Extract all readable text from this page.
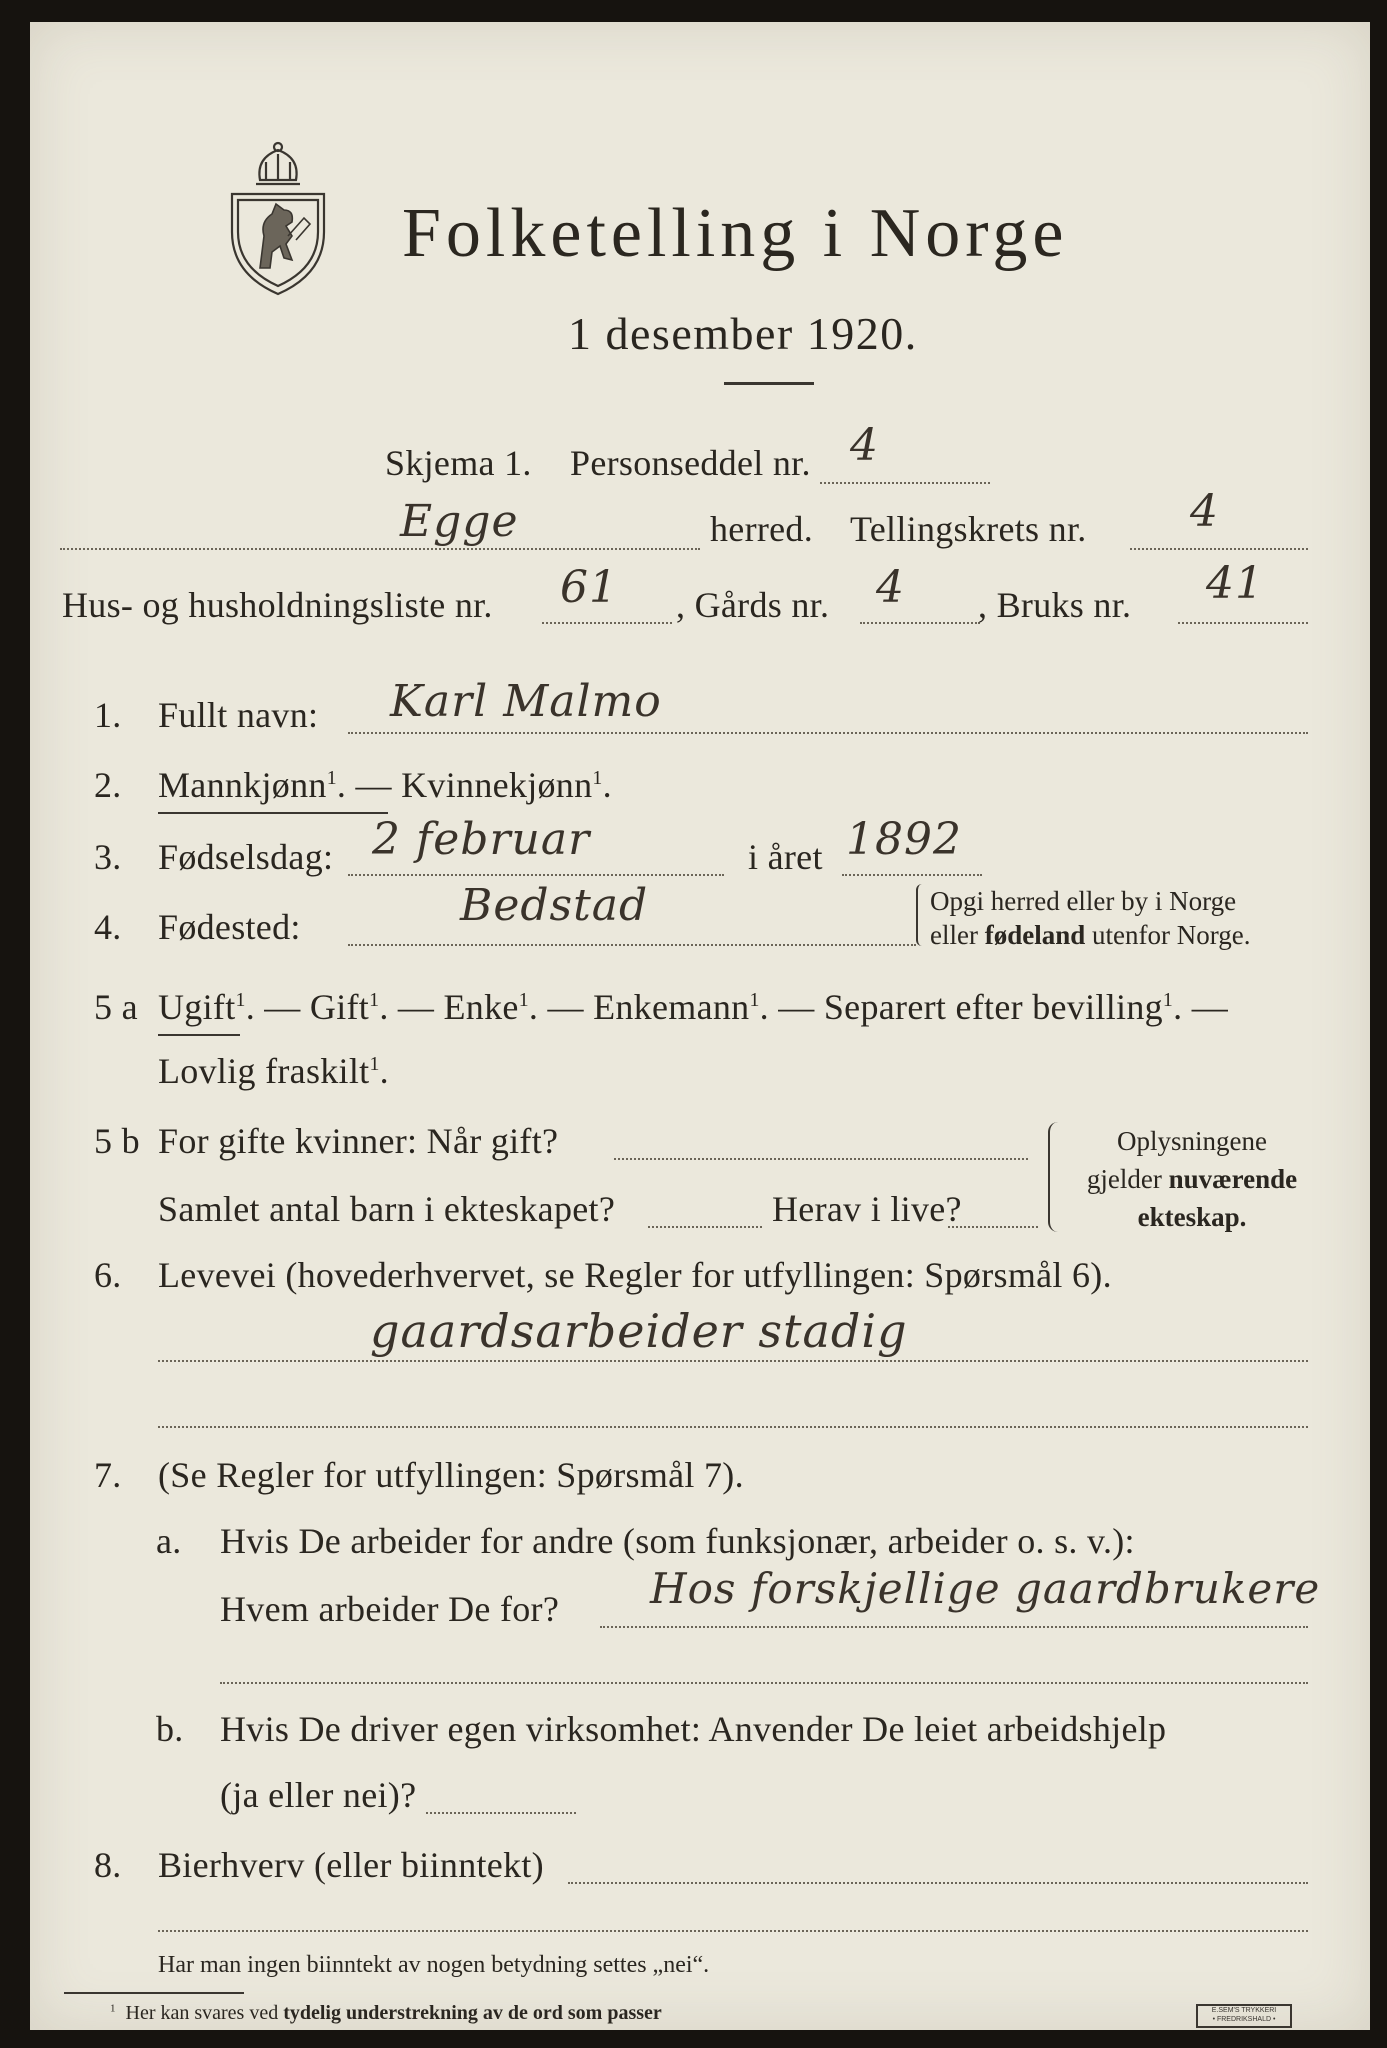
Folketelling i Norge
1 desember 1920.
Skjema 1. Personseddel nr. 4
Egge	herred. Tellingskrets nr. 4
Hus- og husholdningsliste nr. 61 , Gårds nr. 4 , Bruks nr. 41
1. Fullt navn: Karl Malmo
2. Mannkjønn$^1$. — Kvinnekjønn$^1$.
3. Fødselsdag: 2 februar	i året 1892
4. Fødested:	Bedstad	Opgi herred eller by i Norge
eller fødeland utenfor Norge.
5 a Ugift$^1$. — Gift$^1$. — Enke$^1$. — Enkemann$^1$. — Separert efter bevilling$^1$. —
Lovlig fraskilt$^1$.
5 b For gifte kvinner: Når gift?
Samlet antal barn i ekteskapet?	Herav i live?
Oplysningene
gjelder nuværende
ekteskap.
6. Levevei (hovederhvervet, se Regler for utfyllingen: Spørsmål 6).
gaardsarbeider stadig
7. (Se Regler for utfyllingen: Spørsmål 7).
a. Hvis De arbeider for andre (som funksjonær, arbeider o. s. v.):
Hvem arbeider De for? Hos forskjellige gaardbrukere
b. Hvis De driver egen virksomhet: Anvender De leiet arbeidshjelp
(ja eller nei)?
8. Bierhverv (eller biinntekt)
Har man ingen biinntekt av nogen betydning settes „nei“.
$^1$ Her kan svares ved tydelig understrekning av de ord som passer	E.SEM'S TRYKKERI
• FREDRIKSHALD •
